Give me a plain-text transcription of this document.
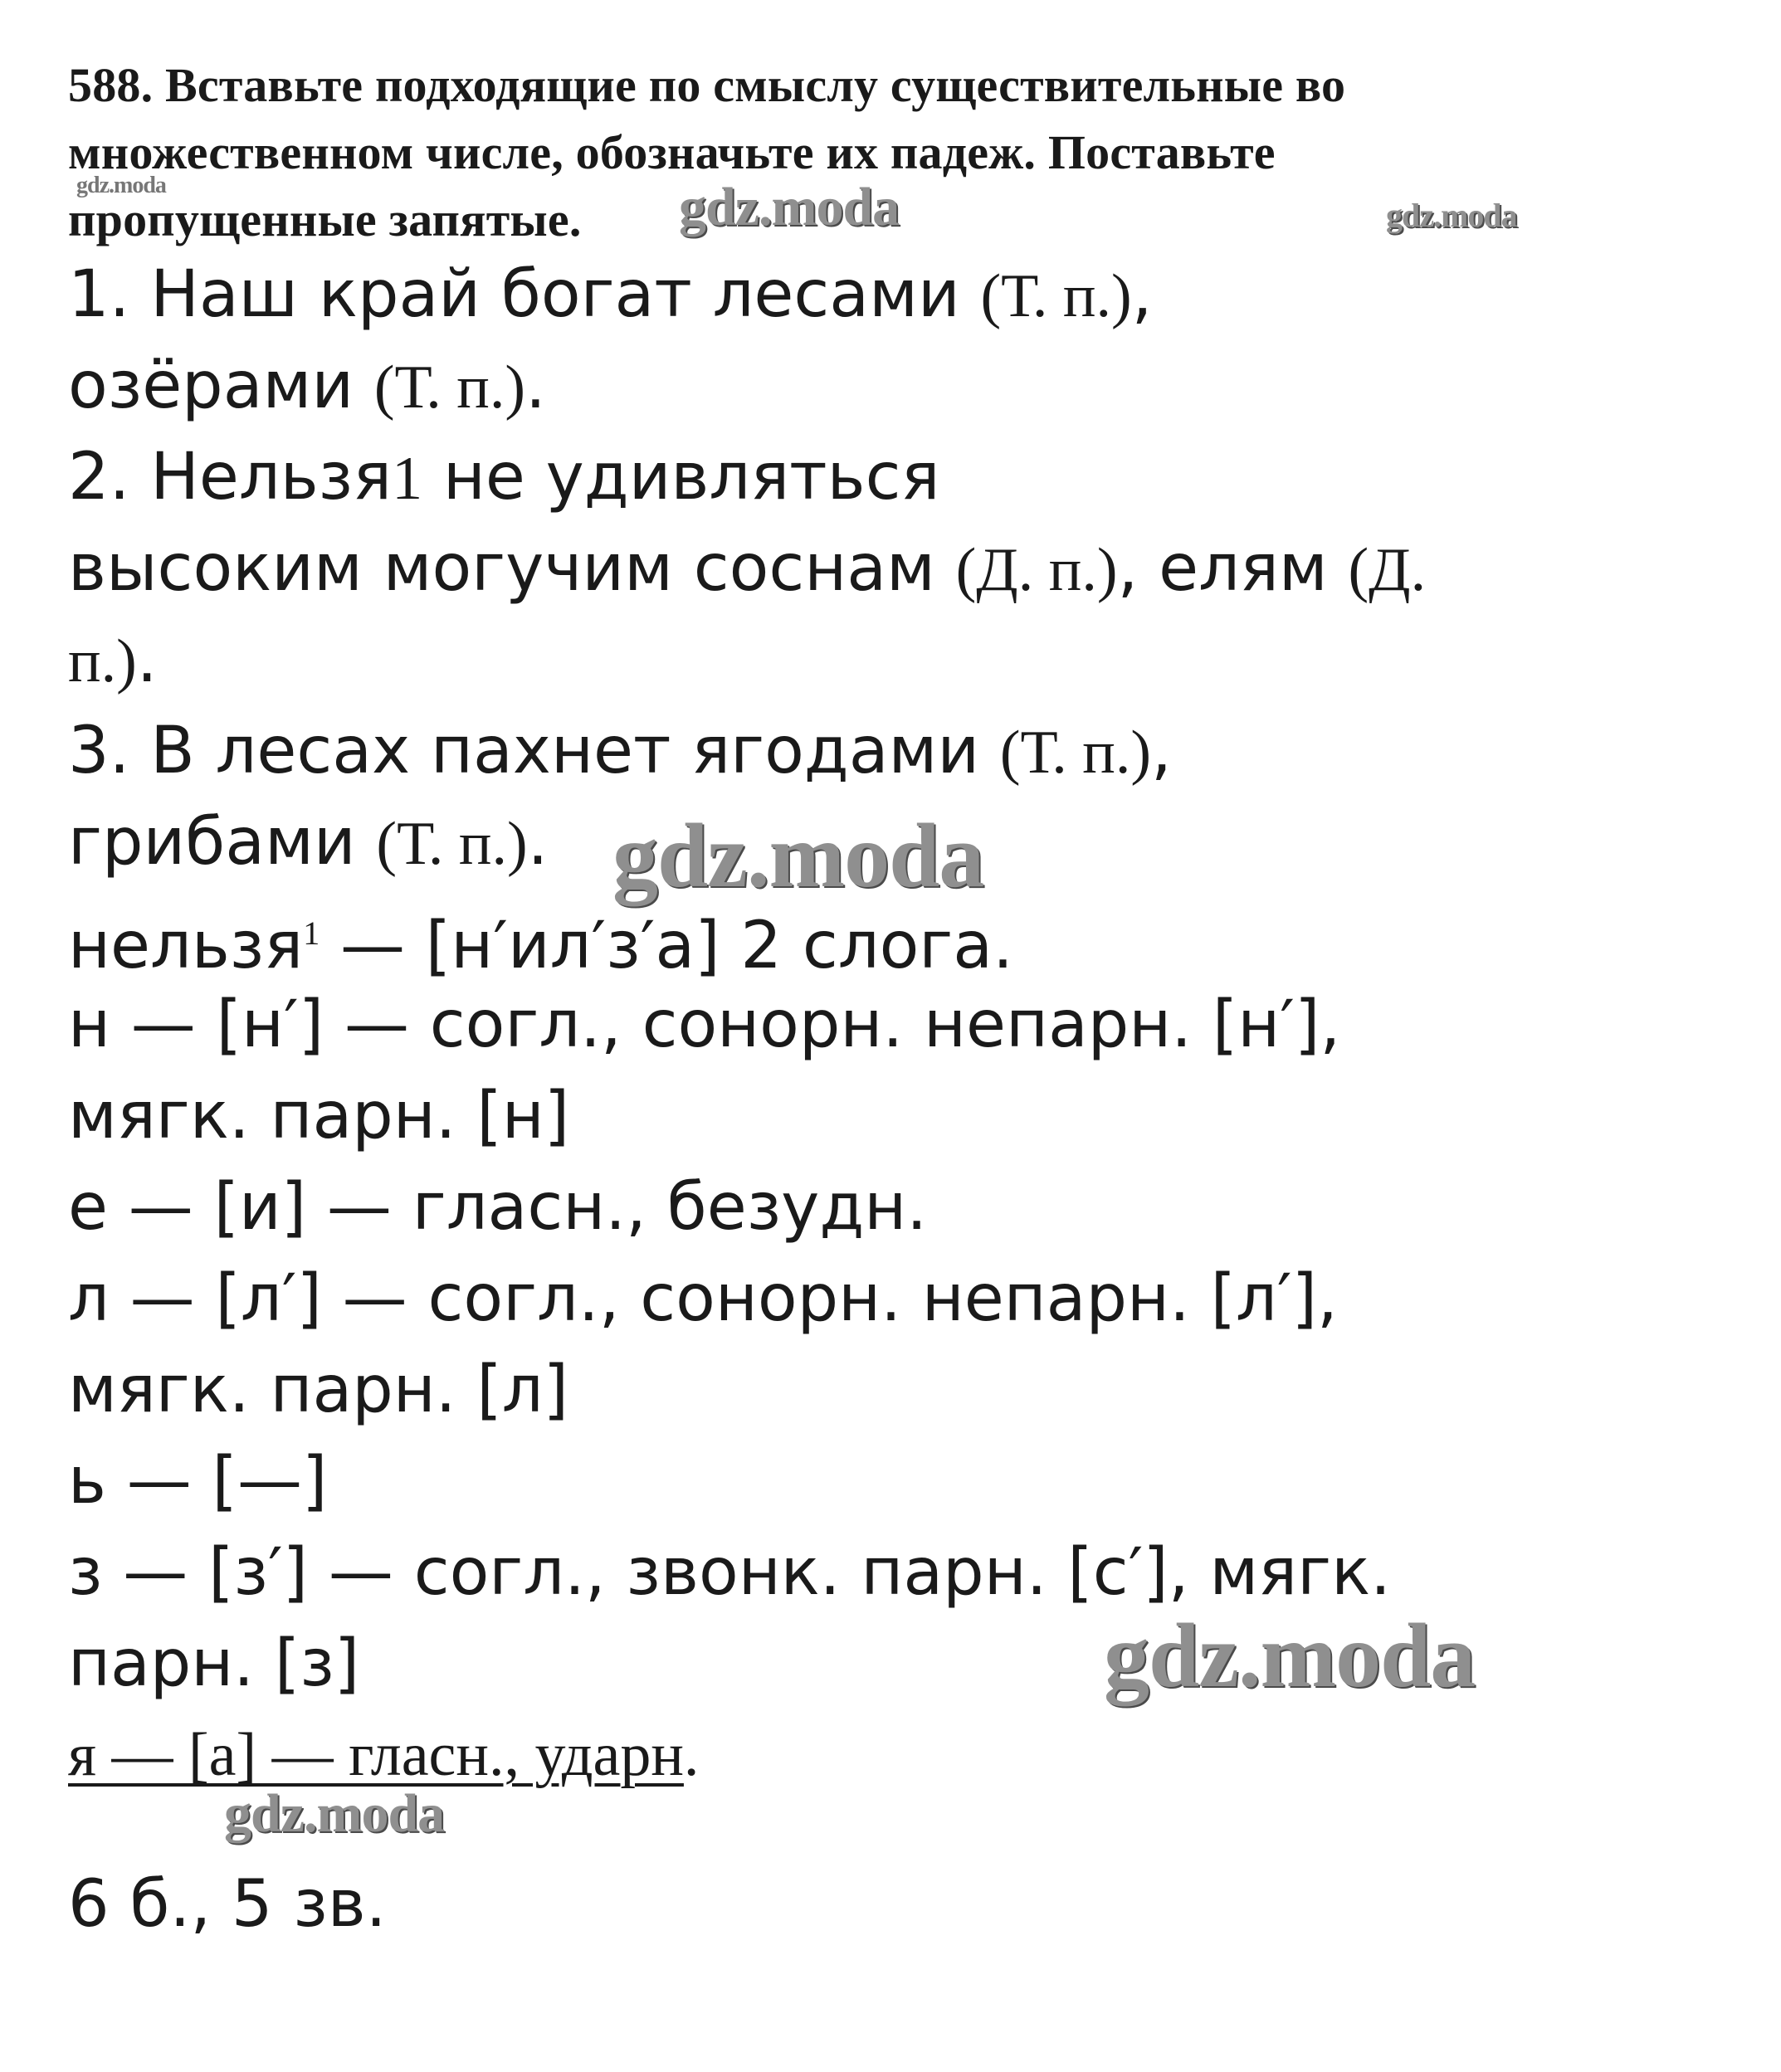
588. Вставьте подходящие по смыслу существительные во
множественном числе, обозначьте их падеж. Поставьте
пропущенные запятые.
1. Наш край богат лесами (Т. п.),
озёрами (Т. п.).
2. Нельзя1 не удивляться
высоким могучим соснам (Д. п.), елям (Д.
п.).
3. В лесах пахнет ягодами (Т. п.),
грибами (Т. п.).
нельзя$^1$ — [н′ил′з′а] 2 слога.
н — [н′] — согл., сонорн. непарн. [н′],
мягк. парн. [н]
е — [и] — гласн., безудн.
л — [л′] — согл., сонорн. непарн. [л′],
мягк. парн. [л]
ь — [—]
з — [з′] — согл., звонк. парн. [с′], мягк.
парн. [з]
я — [а] — гласн., ударн.
6 б., 5 зв.
gdz.moda	gdz.moda	gdz.moda
gdz.moda
gdz.moda
gdz.moda
